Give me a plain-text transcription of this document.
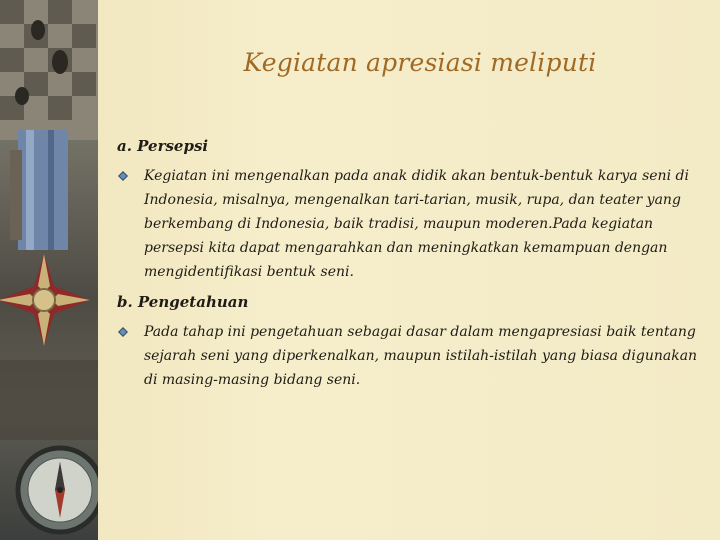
Kegiatan apresiasi meliputi

a. Persepsi

Kegiatan ini mengenalkan pada anak didik akan bentuk-bentuk karya seni di Indonesia, misalnya, mengenalkan tari-tarian, musik, rupa, dan teater yang berkembang di Indonesia, baik tradisi, maupun moderen.Pada kegiatan persepsi kita dapat mengarahkan dan meningkatkan kemampuan dengan mengidentifikasi bentuk seni.

b. Pengetahuan

Pada tahap ini pengetahuan sebagai dasar dalam mengapresiasi baik tentang sejarah seni yang diperkenalkan, maupun istilah-istilah yang biasa digunakan di masing-masing bidang seni.
